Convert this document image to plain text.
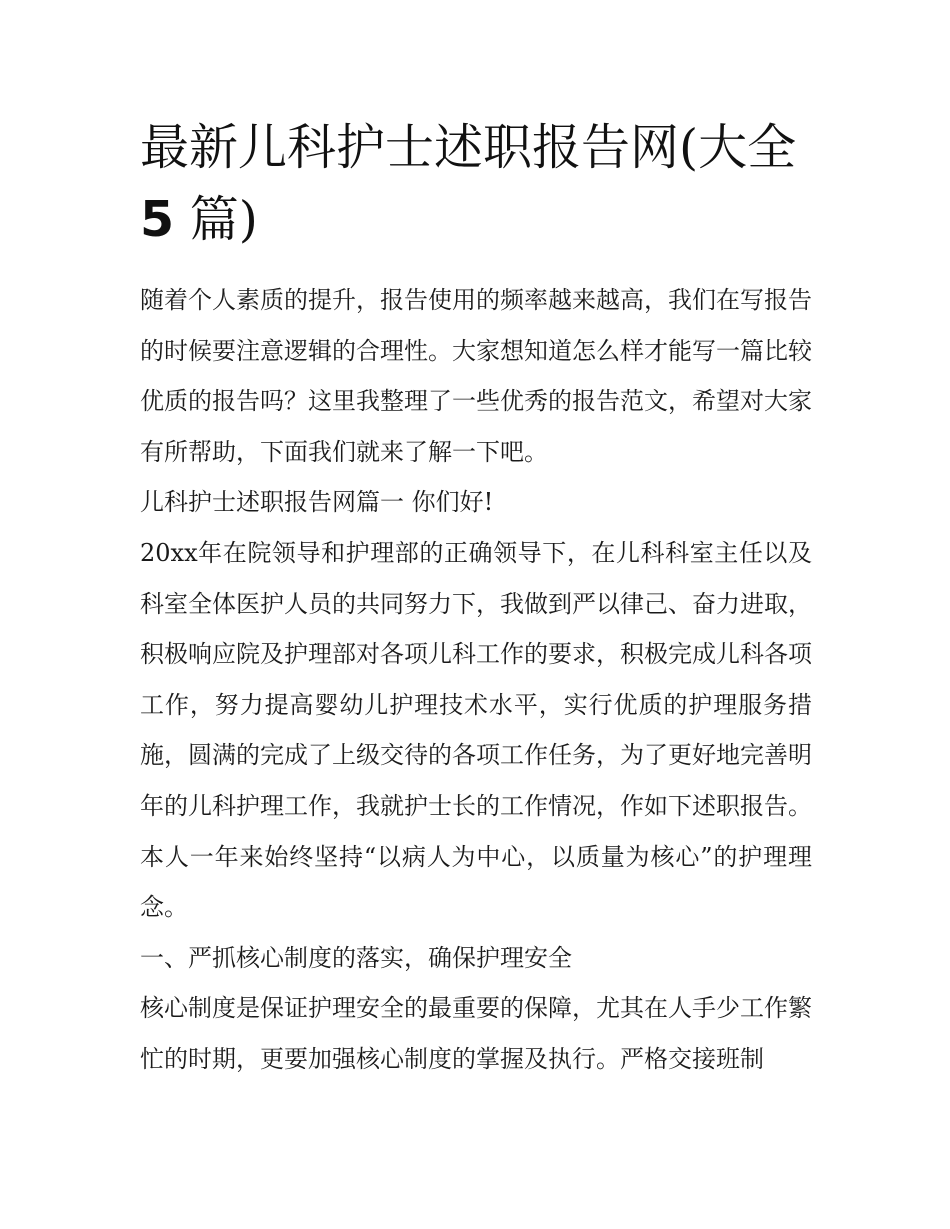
最新儿科护士述职报告网(大全
5 篇)

随着个人素质的提升，报告使用的频率越来越高，我们在写报告的时候要注意逻辑的合理性。大家想知道怎么样才能写一篇比较优质的报告吗？这里我整理了一些优秀的报告范文，希望对大家有所帮助，下面我们就来了解一下吧。

儿科护士述职报告网篇一 你们好!

20xx年在院领导和护理部的正确领导下，在儿科科室主任以及科室全体医护人员的共同努力下，我做到严以律己、奋力进取，积极响应院及护理部对各项儿科工作的要求，积极完成儿科各项工作，努力提高婴幼儿护理技术水平，实行优质的护理服务措施，圆满的完成了上级交待的各项工作任务，为了更好地完善明年的儿科护理工作，我就护士长的工作情况，作如下述职报告。本人一年来始终坚持“以病人为中心，以质量为核心”的护理理念。

一、严抓核心制度的落实，确保护理安全

核心制度是保证护理安全的最重要的保障，尤其在人手少工作繁忙的时期，更要加强核心制度的掌握及执行。严格交接班制
